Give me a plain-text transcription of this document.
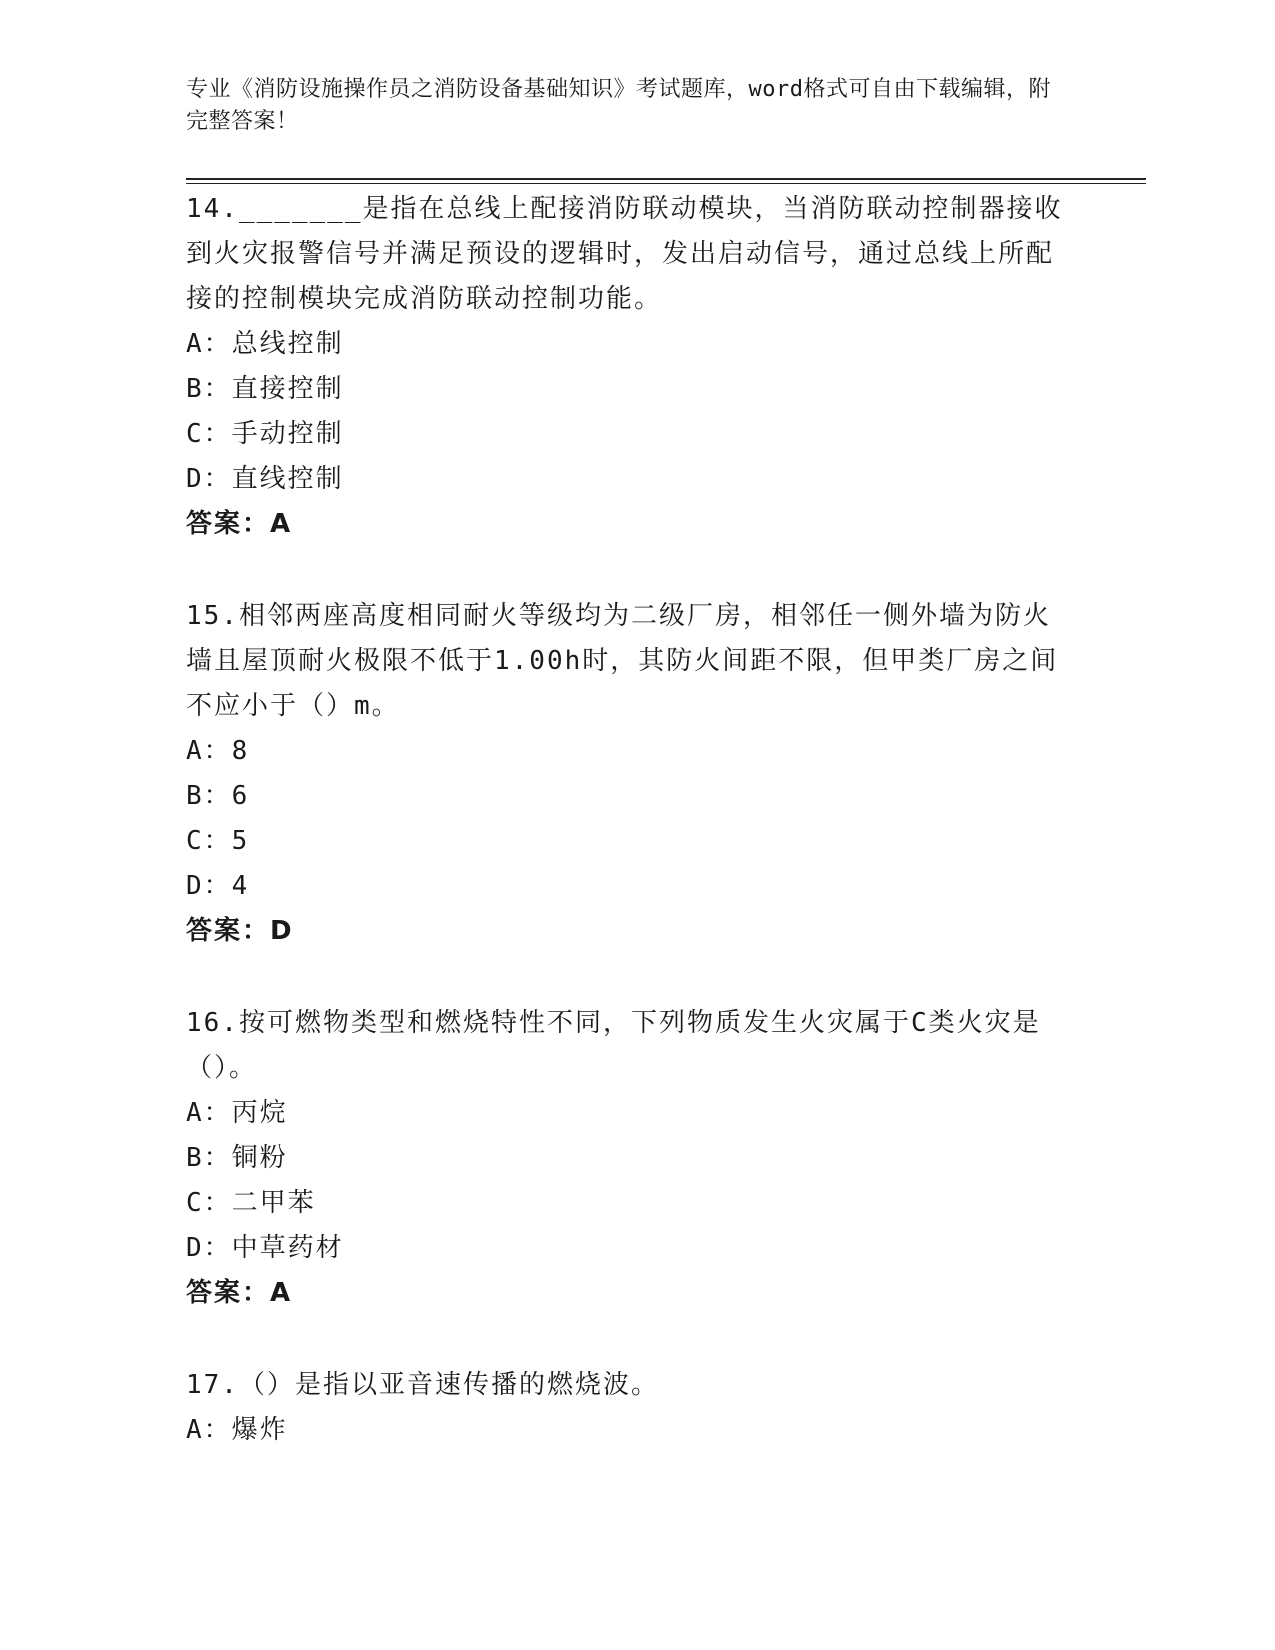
专业《消防设施操作员之消防设备基础知识》考试题库，word格式可自由下载编辑，附完整答案！
14._______是指在总线上配接消防联动模块，当消防联动控制器接收到火灾报警信号并满足预设的逻辑时，发出启动信号，通过总线上所配接的控制模块完成消防联动控制功能。
A：总线控制
B：直接控制
C：手动控制
D：直线控制
答案：A
15.相邻两座高度相同耐火等级均为二级厂房，相邻任一侧外墙为防火墙且屋顶耐火极限不低于1.00h时，其防火间距不限，但甲类厂房之间不应小于（）m。
A：8
B：6
C：5
D：4
答案：D
16.按可燃物类型和燃烧特性不同，下列物质发生火灾属于C类火灾是（）。
A：丙烷
B：铜粉
C：二甲苯
D：中草药材
答案：A
17.（）是指以亚音速传播的燃烧波。
A：爆炸
